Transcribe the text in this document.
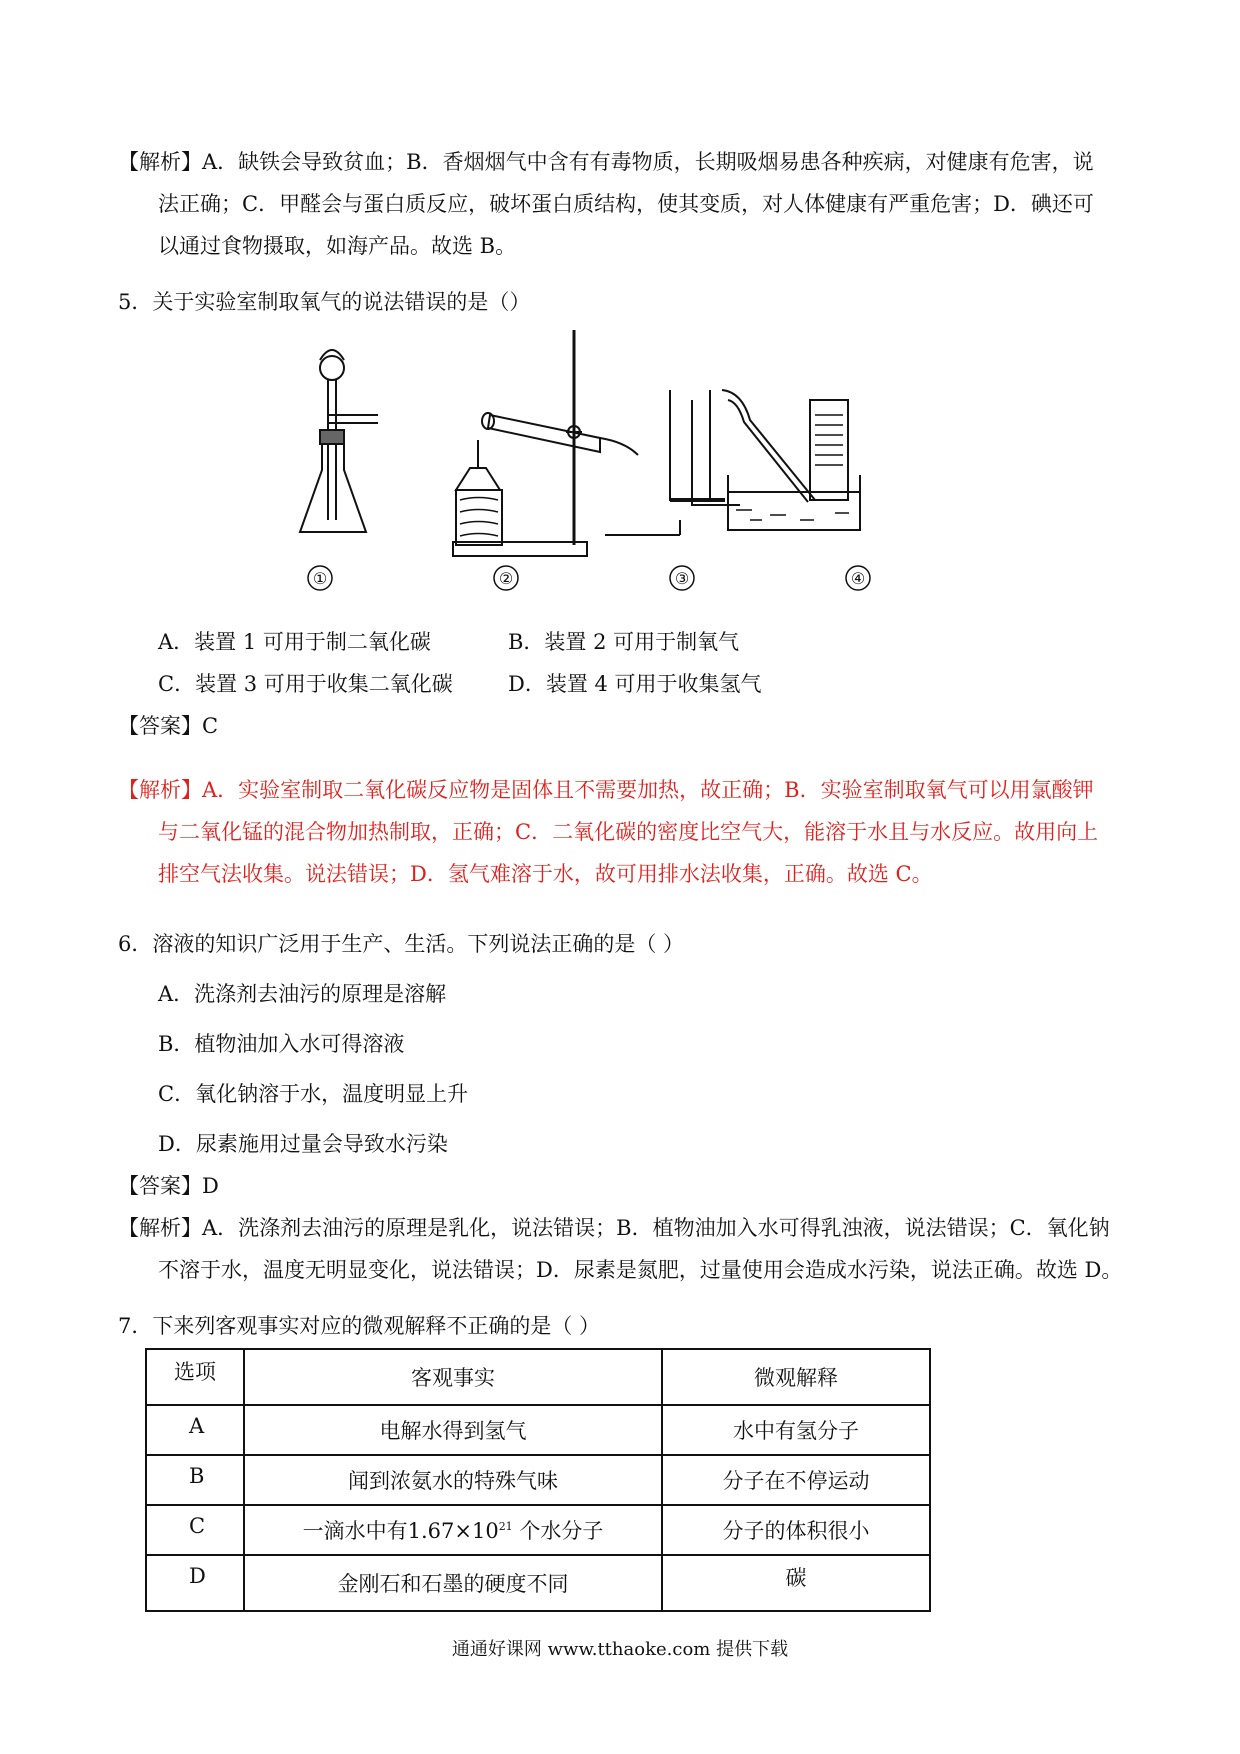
【解析】A．缺铁会导致贫血；B．香烟烟气中含有有毒物质，长期吸烟易患各种疾病，对健康有危害，说
法正确；C．甲醛会与蛋白质反应，破坏蛋白质结构，使其变质，对人体健康有严重危害；D．碘还可
以通过食物摄取，如海产品。故选 B。
5．关于实验室制取氧气的说法错误的是（）
①	②	③	④
A．装置 1 可用于制二氧化碳	B．装置 2 可用于制氧气
C．装置 3 可用于收集二氧化碳	D．装置 4 可用于收集氢气
【答案】C
【解析】A．实验室制取二氧化碳反应物是固体且不需要加热，故正确；B．实验室制取氧气可以用氯酸钾
与二氧化锰的混合物加热制取，正确；C．二氧化碳的密度比空气大，能溶于水且与水反应。故用向上
排空气法收集。说法错误；D．氢气难溶于水，故可用排水法收集，正确。故选 C。
6．溶液的知识广泛用于生产、生活。下列说法正确的是（ ）
A．洗涤剂去油污的原理是溶解
B．植物油加入水可得溶液
C．氧化钠溶于水，温度明显上升
D．尿素施用过量会导致水污染
【答案】D
【解析】A．洗涤剂去油污的原理是乳化，说法错误；B．植物油加入水可得乳浊液，说法错误；C．氧化钠
不溶于水，温度无明显变化，说法错误；D．尿素是氮肥，过量使用会造成水污染，说法正确。故选 D。
7．下来列客观事实对应的微观解释不正确的是（ ）
选项	客观事实	微观解释
A	电解水得到氢气	水中有氢分子
B	闻到浓氨水的特殊气味	分子在不停运动
C	一滴水中有$1.67\times 10^{21}$ 个水分子	分子的体积很小
D	金刚石和石墨的硬度不同	碳
通通好课网 www.tthaoke.com 提供下载
